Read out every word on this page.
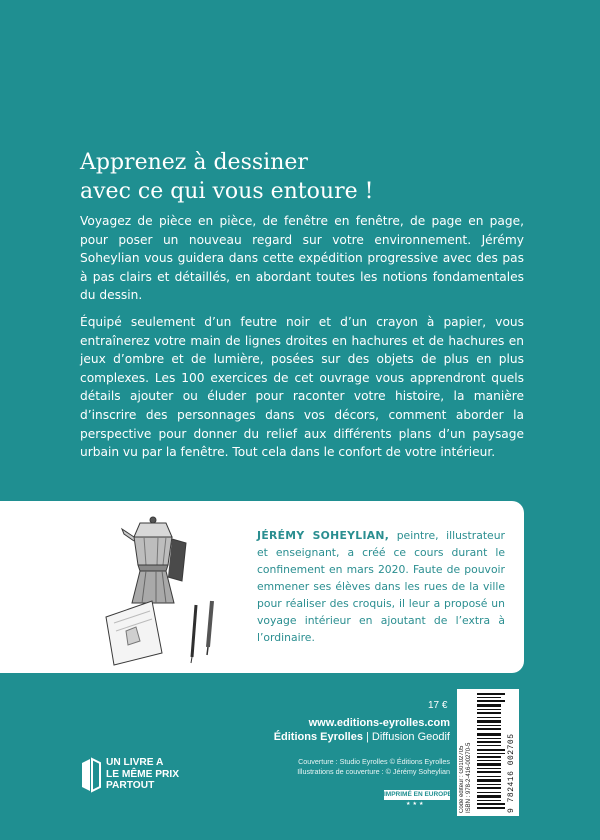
Apprenez à dessiner
avec ce qui vous entoure !
Voyagez de pièce en pièce, de fenêtre en fenêtre, de page en page, pour poser un nouveau regard sur votre environnement. Jérémy Soheylian vous guidera dans cette expédition progressive avec des pas à pas clairs et détaillés, en abordant toutes les notions fondamentales du dessin.
Équipé seulement d’un feutre noir et d’un crayon à papier, vous entraînerez votre main de lignes droites en hachures et de hachures en jeux d’ombre et de lumière, posées sur des objets de plus en plus complexes. Les 100 exercices de cet ouvrage vous apprendront quels détails ajouter ou éluder pour raconter votre histoire, la manière d’inscrire des personnages dans vos décors, comment aborder la perspective pour donner du relief aux différents plans d’un paysage urbain vu par la fenêtre. Tout cela dans le confort de votre intérieur.
JÉRÉMY SOHEYLIAN, peintre, illustrateur et enseignant, a créé ce cours durant le confinement en mars 2020. Faute de pouvoir emmener ses élèves dans les rues de la ville pour réaliser des croquis, il leur a proposé un voyage intérieur en ajoutant de l’extra à l’ordinaire.
17 €
www.editions-eyrolles.com
Éditions Eyrolles | Diffusion Geodif
Couverture : Studio Eyrolles © Éditions Eyrolles
Illustrations de couverture : © Jérémy Soheylian
IMPRIMÉ EN EUROPE
★★★	Code éditeur : G0102705 ISBN : 978-2-416-00270-5	9 782416 002705
UN LIVRE A
LE MÊME PRIX
PARTOUT
